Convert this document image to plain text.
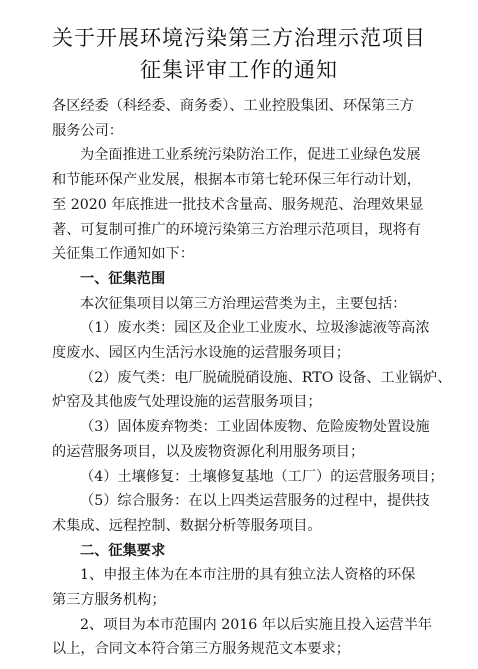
关于开展环境污染第三方治理示范项目
征集评审工作的通知
各区经委（科经委、商务委）、工业控股集团、环保第三方
服务公司：
为全面推进工业系统污染防治工作，促进工业绿色发展
和节能环保产业发展，根据本市第七轮环保三年行动计划，
至 2020 年底推进一批技术含量高、服务规范、治理效果显
著、可复制可推广的环境污染第三方治理示范项目，现将有
关征集工作通知如下：
一、征集范围
本次征集项目以第三方治理运营类为主，主要包括：
（1）废水类：园区及企业工业废水、垃圾渗滤液等高浓
度废水、园区内生活污水设施的运营服务项目；
（2）废气类：电厂脱硫脱硝设施、RTO 设备、工业锅炉、
炉窑及其他废气处理设施的运营服务项目；
（3）固体废弃物类：工业固体废物、危险废物处置设施
的运营服务项目，以及废物资源化利用服务项目；
（4）土壤修复：土壤修复基地（工厂）的运营服务项目；
（5）综合服务：在以上四类运营服务的过程中，提供技
术集成、远程控制、数据分析等服务项目。
二、征集要求
1、申报主体为在本市注册的具有独立法人资格的环保
第三方服务机构；
2、项目为本市范围内 2016 年以后实施且投入运营半年
以上，合同文本符合第三方服务规范文本要求；
